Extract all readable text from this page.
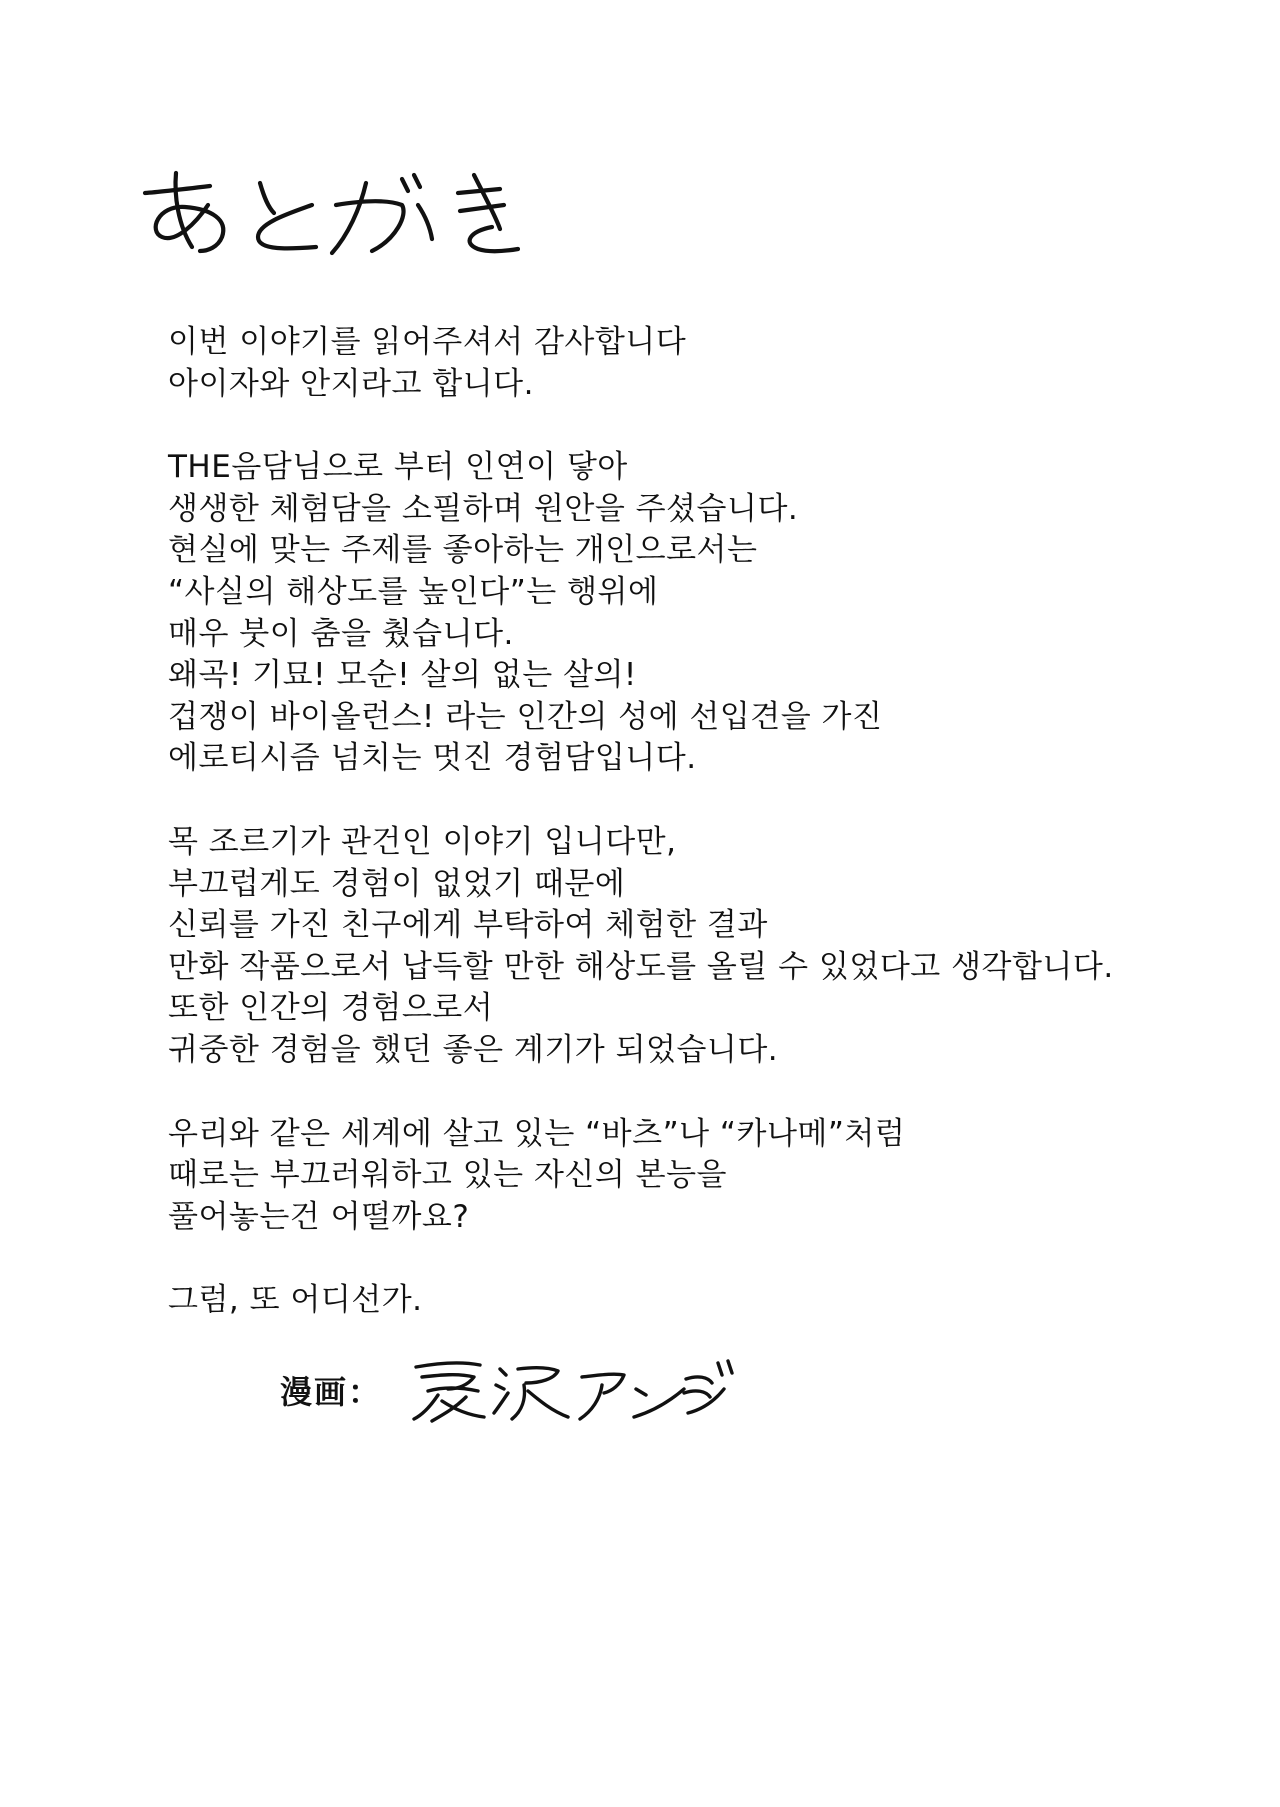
이번 이야기를 읽어주셔서 감사합니다
아이자와 안지라고 합니다.
THE음담님으로 부터 인연이 닿아
생생한 체험담을 소필하며 원안을 주셨습니다.
현실에 맞는 주제를 좋아하는 개인으로서는
“사실의 해상도를 높인다”는 행위에
매우 붓이 춤을 췄습니다.
왜곡! 기묘! 모순! 살의 없는 살의!
겁쟁이 바이올런스! 라는 인간의 성에 선입견을 가진
에로티시즘 넘치는 멋진 경험담입니다.
목 조르기가 관건인 이야기 입니다만,
부끄럽게도 경험이 없었기 때문에
신뢰를 가진 친구에게 부탁하여 체험한 결과
만화 작품으로서 납득할 만한 해상도를 올릴 수 있었다고 생각합니다.
또한 인간의 경험으로서
귀중한 경험을 했던 좋은 계기가 되었습니다.
우리와 같은 세계에 살고 있는 “바츠”나 “카나메”처럼
때로는 부끄러워하고 있는 자신의 본능을
풀어놓는건 어떨까요?
그럼, 또 어디선가.
漫画：
